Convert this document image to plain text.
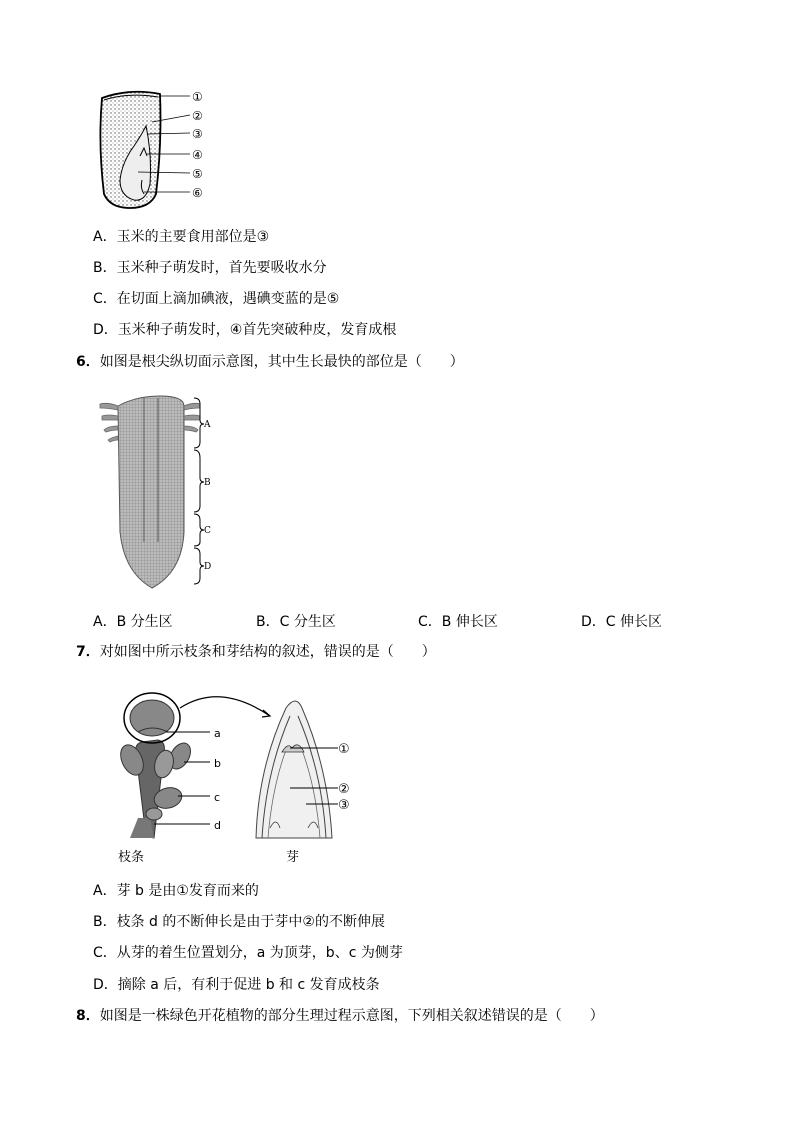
①
②
③
④
⑤
⑥
A．玉米的主要食用部位是③
B．玉米种子萌发时，首先要吸收水分
C．在切面上滴加碘液，遇碘变蓝的是⑤
D．玉米种子萌发时，④首先突破种皮，发育成根
6．如图是根尖纵切面示意图，其中生长最快的部位是（　　）
A
B
C
D
A．B 分生区	B．C 分生区	C．B 伸长区	D．C 伸长区
7．对如图中所示枝条和芽结构的叙述，错误的是（　　）
a
b
c
d
①
②
③
枝条	芽
A．芽 b 是由①发育而来的
B．枝条 d 的不断伸长是由于芽中②的不断伸展
C．从芽的着生位置划分，a 为顶芽，b、c 为侧芽
D．摘除 a 后，有利于促进 b 和 c 发育成枝条
8．如图是一株绿色开花植物的部分生理过程示意图，下列相关叙述错误的是（　　）
